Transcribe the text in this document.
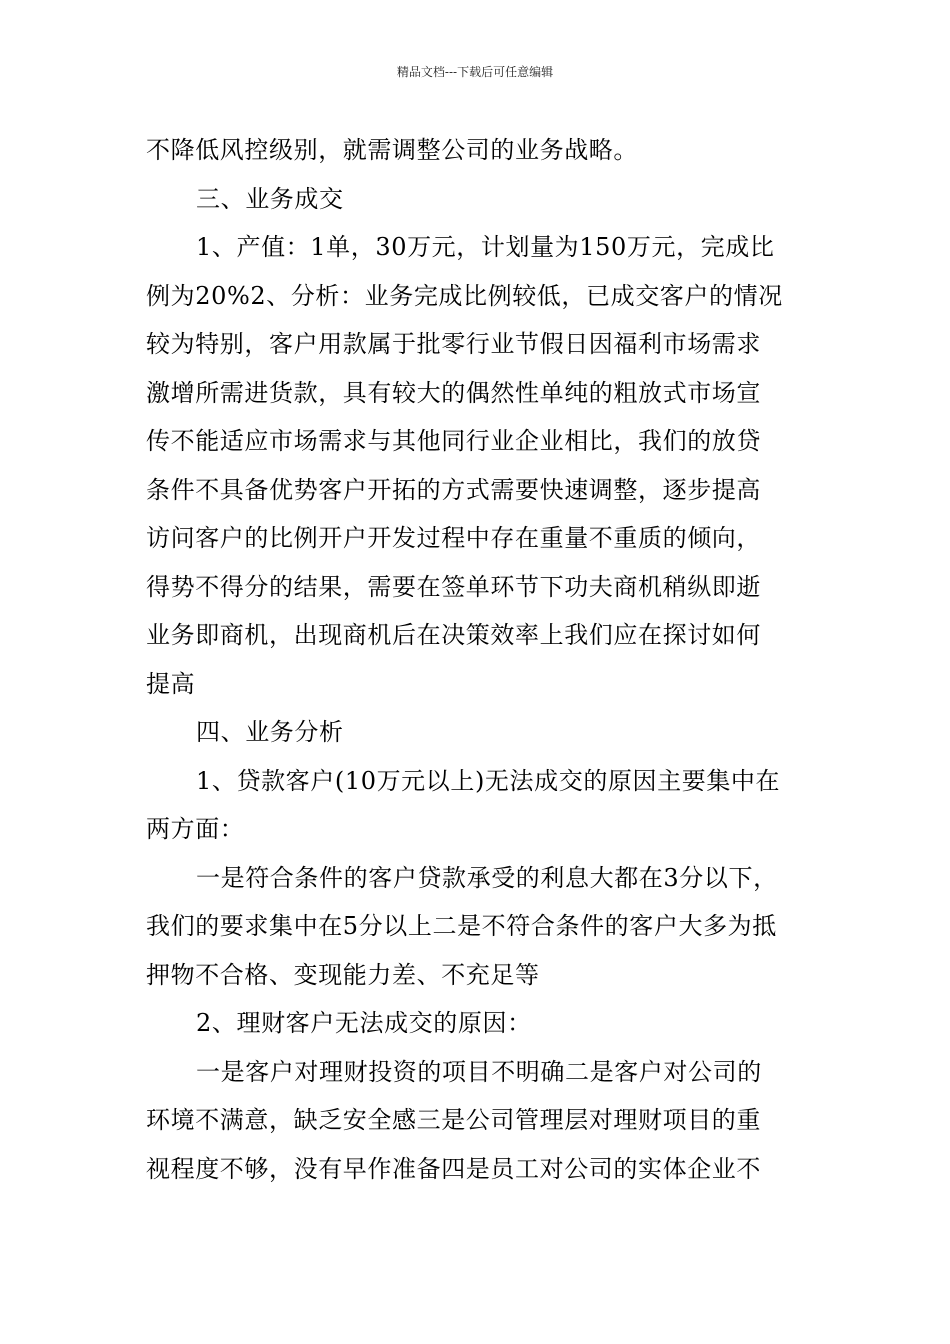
精品文档---下载后可任意编辑
不降低风控级别，就需调整公司的业务战略。
三、业务成交
1、产值：1单，30万元，计划量为150万元，完成比
例为20%2、分析：业务完成比例较低，已成交客户的情况
较为特别，客户用款属于批零行业节假日因福利市场需求
激增所需进货款，具有较大的偶然性单纯的粗放式市场宣
传不能适应市场需求与其他同行业企业相比，我们的放贷
条件不具备优势客户开拓的方式需要快速调整，逐步提高
访问客户的比例开户开发过程中存在重量不重质的倾向，
得势不得分的结果，需要在签单环节下功夫商机稍纵即逝
业务即商机，出现商机后在决策效率上我们应在探讨如何
提高
四、业务分析
1、贷款客户(10万元以上)无法成交的原因主要集中在
两方面：
一是符合条件的客户贷款承受的利息大都在3分以下，
我们的要求集中在5分以上二是不符合条件的客户大多为抵
押物不合格、变现能力差、不充足等
2、理财客户无法成交的原因：
一是客户对理财投资的项目不明确二是客户对公司的
环境不满意，缺乏安全感三是公司管理层对理财项目的重
视程度不够，没有早作准备四是员工对公司的实体企业不
